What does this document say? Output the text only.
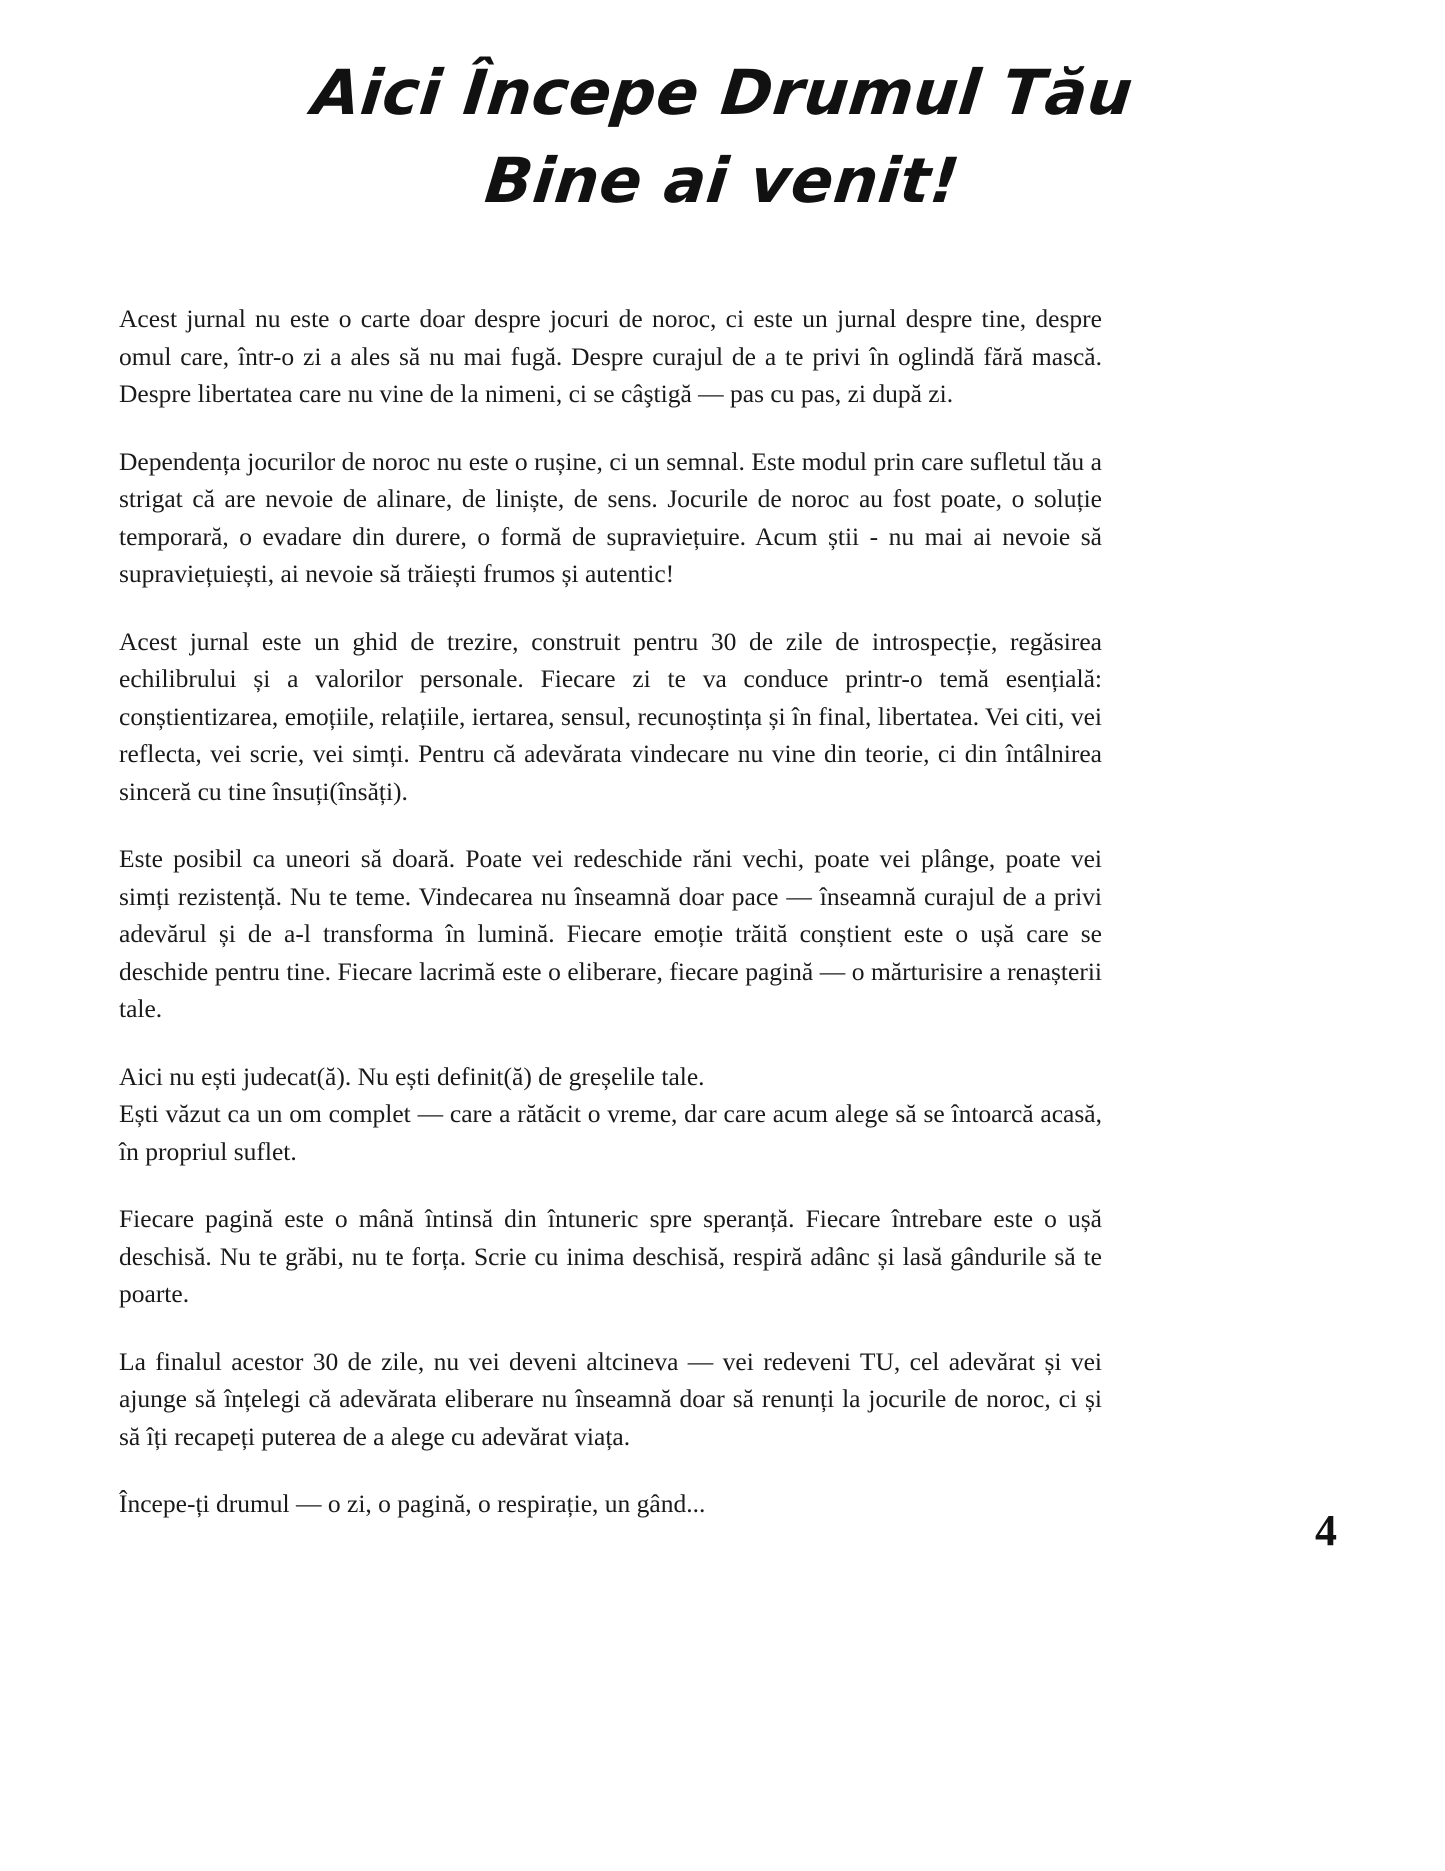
Aici Începe Drumul Tău
Bine ai venit!

Acest jurnal nu este o carte doar despre jocuri de noroc, ci este un jurnal despre tine, despre omul care, într-o zi a ales să nu mai fugă. Despre curajul de a te privi în oglindă fără mască. Despre libertatea care nu vine de la nimeni, ci se câştigă — pas cu pas, zi după zi.

Dependența jocurilor de noroc nu este o rușine, ci un semnal. Este modul prin care sufletul tău a strigat că are nevoie de alinare, de liniște, de sens. Jocurile de noroc au fost poate, o soluție temporară, o evadare din durere, o formă de supraviețuire. Acum știi - nu mai ai nevoie să supraviețuiești, ai nevoie să trăiești frumos și autentic!

Acest jurnal este un ghid de trezire, construit pentru 30 de zile de introspecție, regăsirea echilibrului și a valorilor personale. Fiecare zi te va conduce printr-o temă esențială: conștientizarea, emoțiile, relațiile, iertarea, sensul, recunoștința și în final, libertatea. Vei citi, vei reflecta, vei scrie, vei simți. Pentru că adevărata vindecare nu vine din teorie, ci din întâlnirea sinceră cu tine însuți(însăți).

Este posibil ca uneori să doară. Poate vei redeschide răni vechi, poate vei plânge, poate vei simți rezistență. Nu te teme. Vindecarea nu înseamnă doar pace — înseamnă curajul de a privi adevărul și de a-l transforma în lumină. Fiecare emoție trăită conștient este o ușă care se deschide pentru tine. Fiecare lacrimă este o eliberare, fiecare pagină — o mărturisire a renașterii tale.

Aici nu ești judecat(ă). Nu ești definit(ă) de greșelile tale.

Ești văzut ca un om complet — care a rătăcit o vreme, dar care acum alege să se întoarcă acasă, în propriul suflet.

Fiecare pagină este o mână întinsă din întuneric spre speranță. Fiecare întrebare este o ușă deschisă. Nu te grăbi, nu te forța. Scrie cu inima deschisă, respiră adânc și lasă gândurile să te poarte.

La finalul acestor 30 de zile, nu vei deveni altcineva — vei redeveni TU, cel adevărat și vei ajunge să înțelegi că adevărata eliberare nu înseamnă doar să renunți la jocurile de noroc, ci și să îți recapeți puterea de a alege cu adevărat viața.

Începe-ți drumul — o zi, o pagină, o respirație, un gând...

4
